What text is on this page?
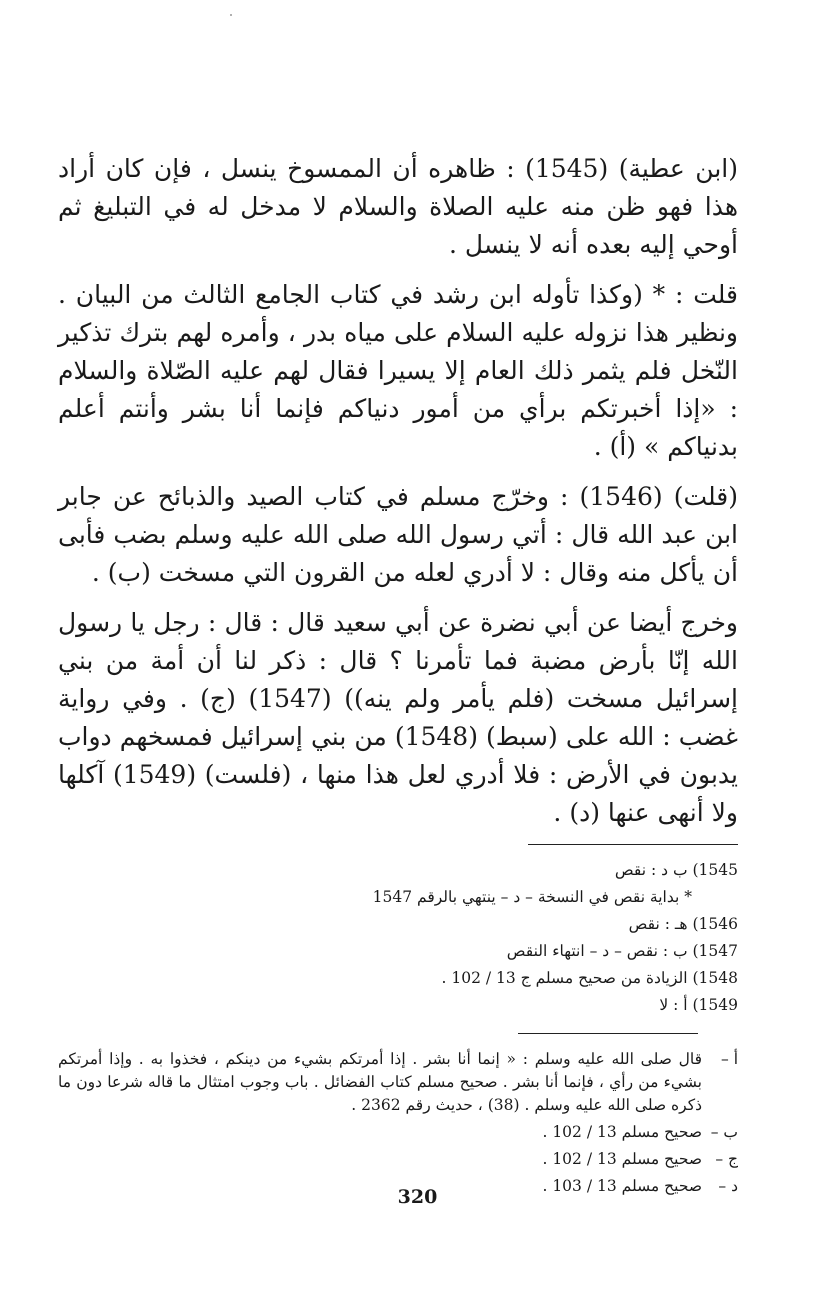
(ابن عطية) (1545) : ظاهره أن الممسوخ ينسل ، فإن كان أراد هذا فهو ظن منه عليه الصلاة والسلام لا مدخل له في التبليغ ثم أوحي إليه بعده أنه لا ينسل .

قلت : * (وكذا تأوله ابن رشد في كتاب الجامع الثالث من البيان . ونظير هذا نزوله عليه السلام على مياه بدر ، وأمره لهم بترك تذكير النّخل فلم يثمر ذلك العام إلا يسيرا فقال لهم عليه الصّلاة والسلام : «إذا أخبرتكم برأي من أمور دنياكم فإنما أنا بشر وأنتم أعلم بدنياكم » (أ) .

(قلت) (1546) : وخرّج مسلم في كتاب الصيد والذبائح عن جابر ابن عبد الله قال : أتي رسول الله صلى الله عليه وسلم بضب فأبى أن يأكل منه وقال : لا أدري لعله من القرون التي مسخت (ب) .

وخرج أيضا عن أبي نضرة عن أبي سعيد قال : قال : رجل يا رسول الله إنّا بأرض مضبة فما تأمرنا ؟ قال : ذكر لنا أن أمة من بني إسرائيل مسخت (فلم يأمر ولم ينه)) (1547) (ج) . وفي رواية غضب : الله على (سبط) (1548) من بني إسرائيل فمسخهم دواب يدبون في الأرض : فلا أدري لعل هذا منها ، (فلست) (1549) آكلها ولا أنهى عنها (د) .

1545) ب د : نقص
* بداية نقص في النسخة – د – ينتهي بالرقم 1547
1546) هـ : نقص
1547) ب : نقص – د – انتهاء النقص
1548) الزيادة من صحيح مسلم ج 13 / 102 .
1549) أ : لا
أ –
قال صلى الله عليه وسلم : « إنما أنا بشر . إذا أمرتكم بشيء من دينكم ، فخذوا به . وإذا أمرتكم بشيء من رأي ، فإنما أنا بشر . صحيح مسلم كتاب الفضائل . باب وجوب امتثال ما قاله شرعا دون ما ذكره صلى الله عليه وسلم . (38) ، حديث رقم 2362 .
ب –
صحيح مسلم 13 / 102 .
ج –
صحيح مسلم 13 / 102 .
د –
صحيح مسلم 13 / 103 .
320
